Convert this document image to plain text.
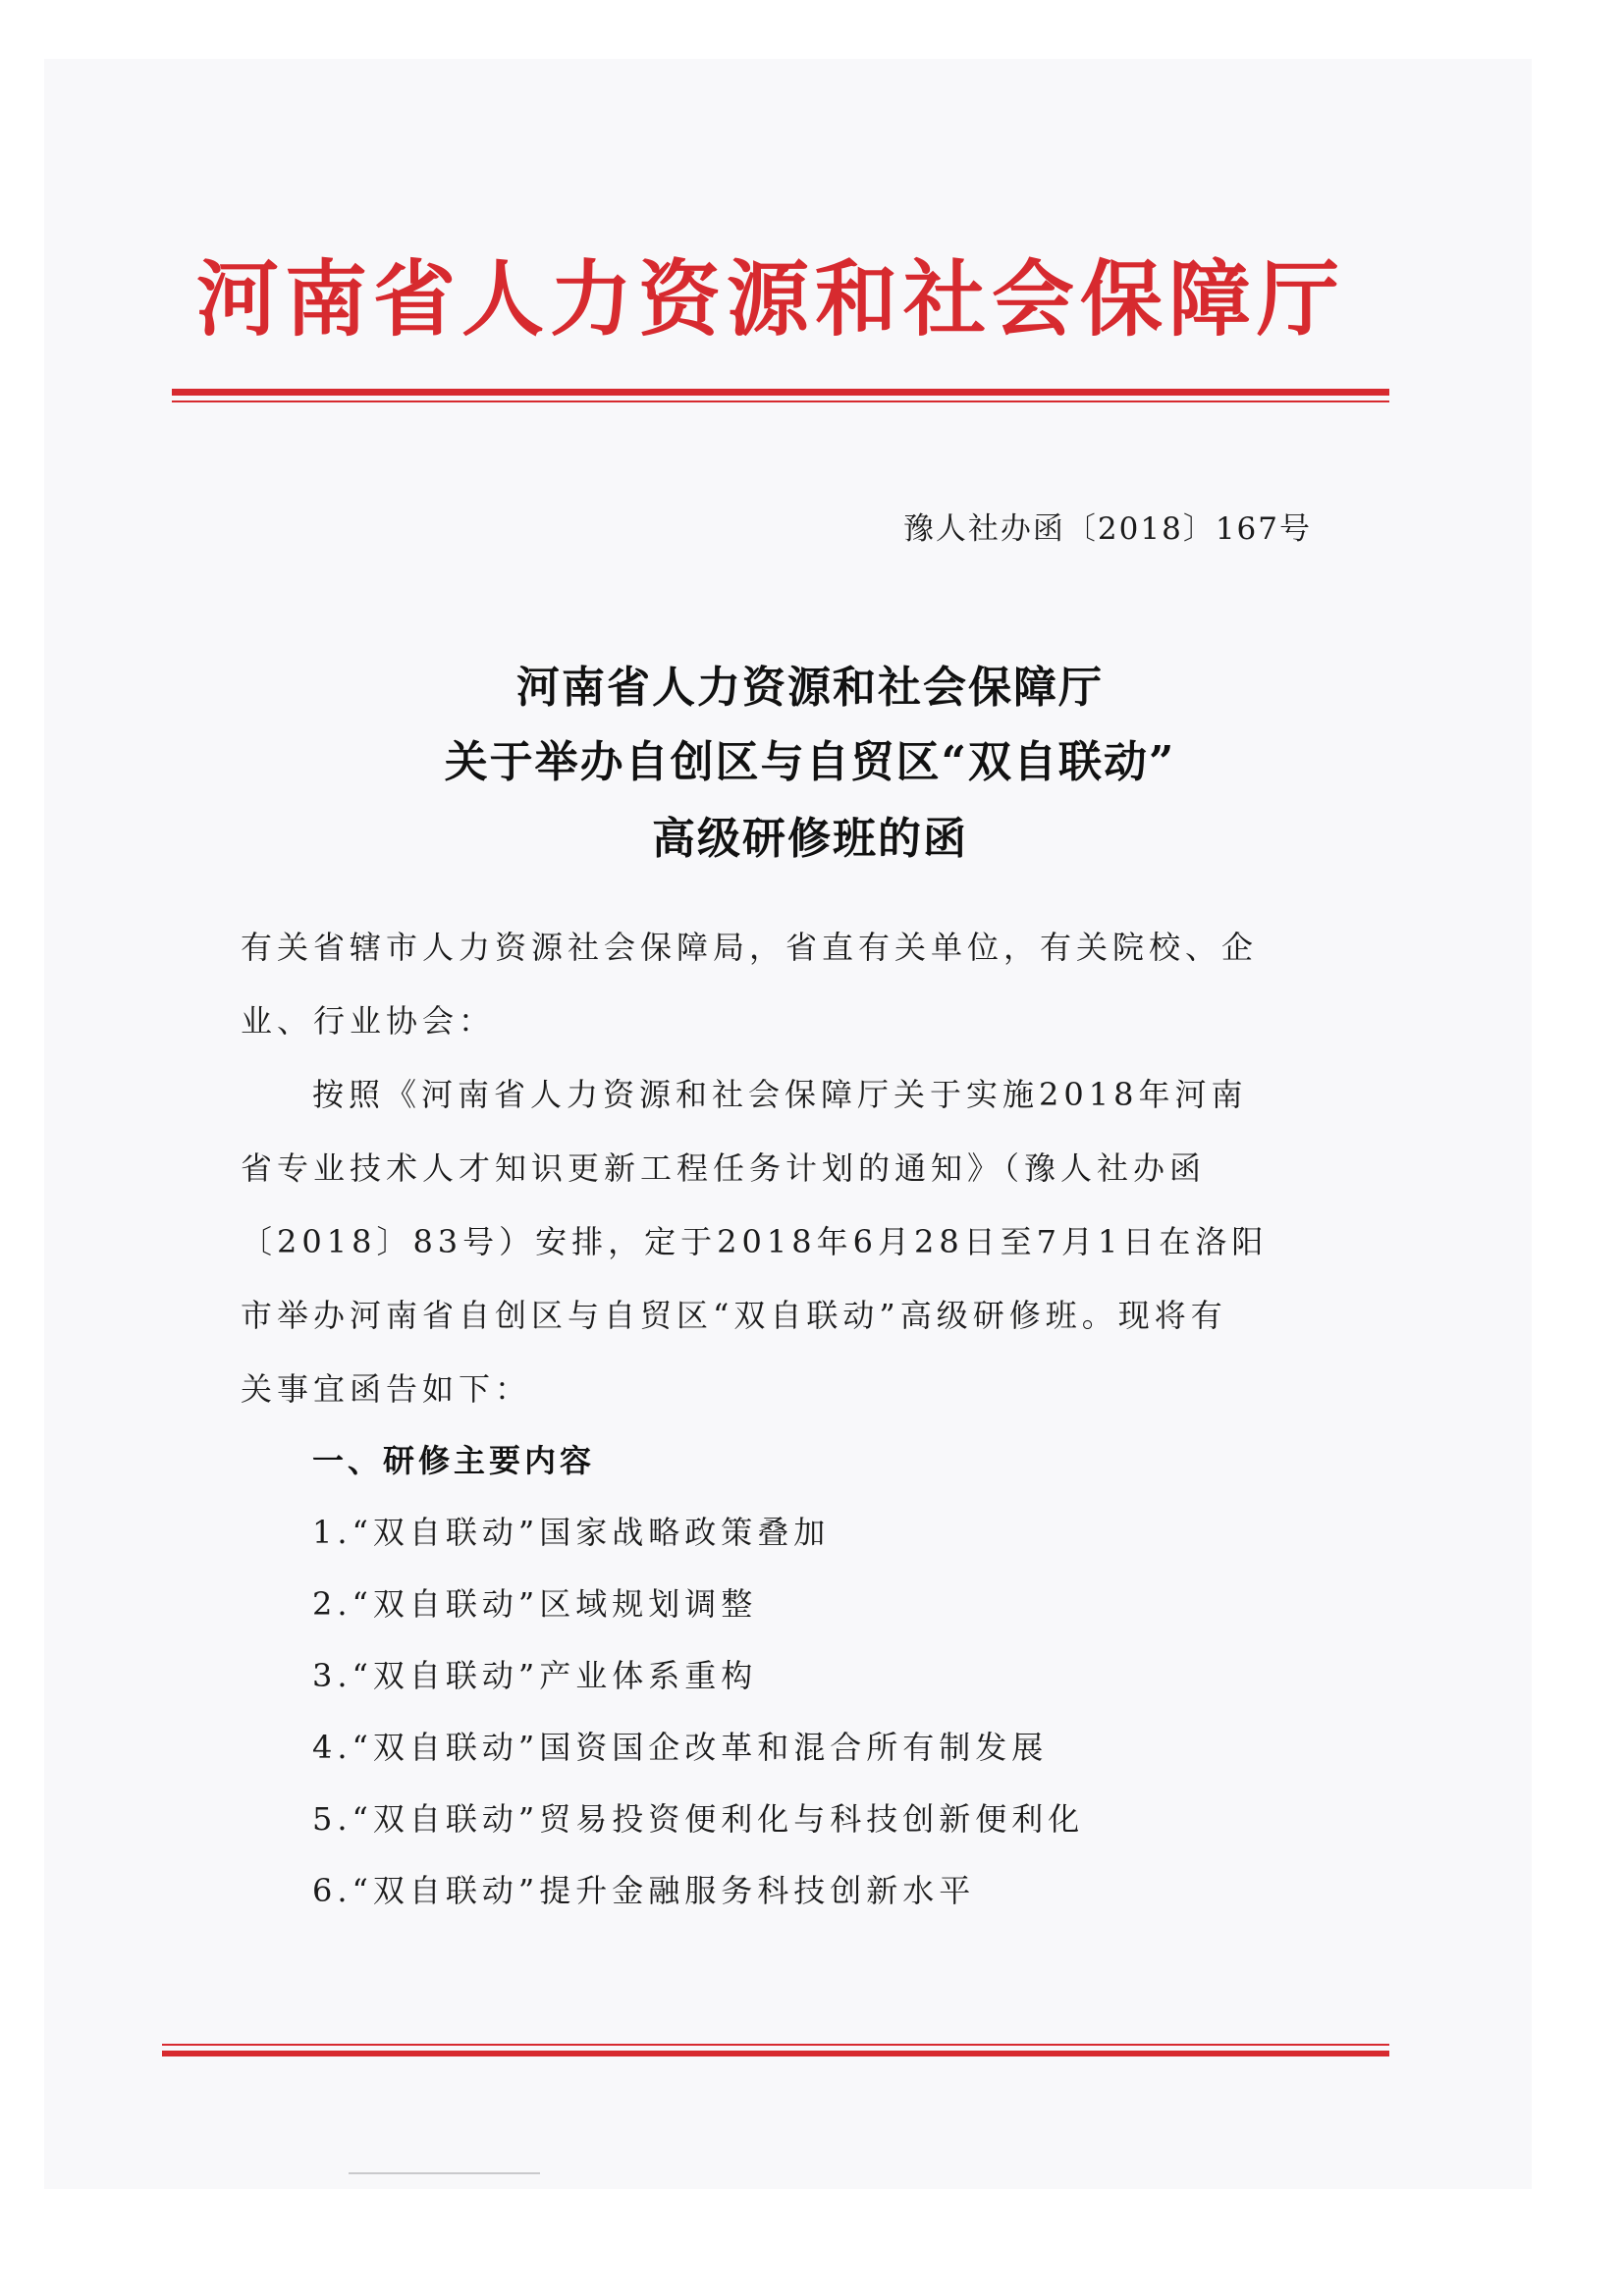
河南省人力资源和社会保障厅
豫人社办函〔2018〕167号
河南省人力资源和社会保障厅
关于举办自创区与自贸区“双自联动”
高级研修班的函
有关省辖市人力资源社会保障局，省直有关单位，有关院校、企
业、行业协会：
按照《河南省人力资源和社会保障厅关于实施2018年河南
省专业技术人才知识更新工程任务计划的通知》（豫人社办函
〔2018〕83号）安排，定于2018年6月28日至7月1日在洛阳
市举办河南省自创区与自贸区“双自联动”高级研修班。现将有
关事宜函告如下：
一、研修主要内容
1.“双自联动”国家战略政策叠加
2.“双自联动”区域规划调整
3.“双自联动”产业体系重构
4.“双自联动”国资国企改革和混合所有制发展
5.“双自联动”贸易投资便利化与科技创新便利化
6.“双自联动”提升金融服务科技创新水平
